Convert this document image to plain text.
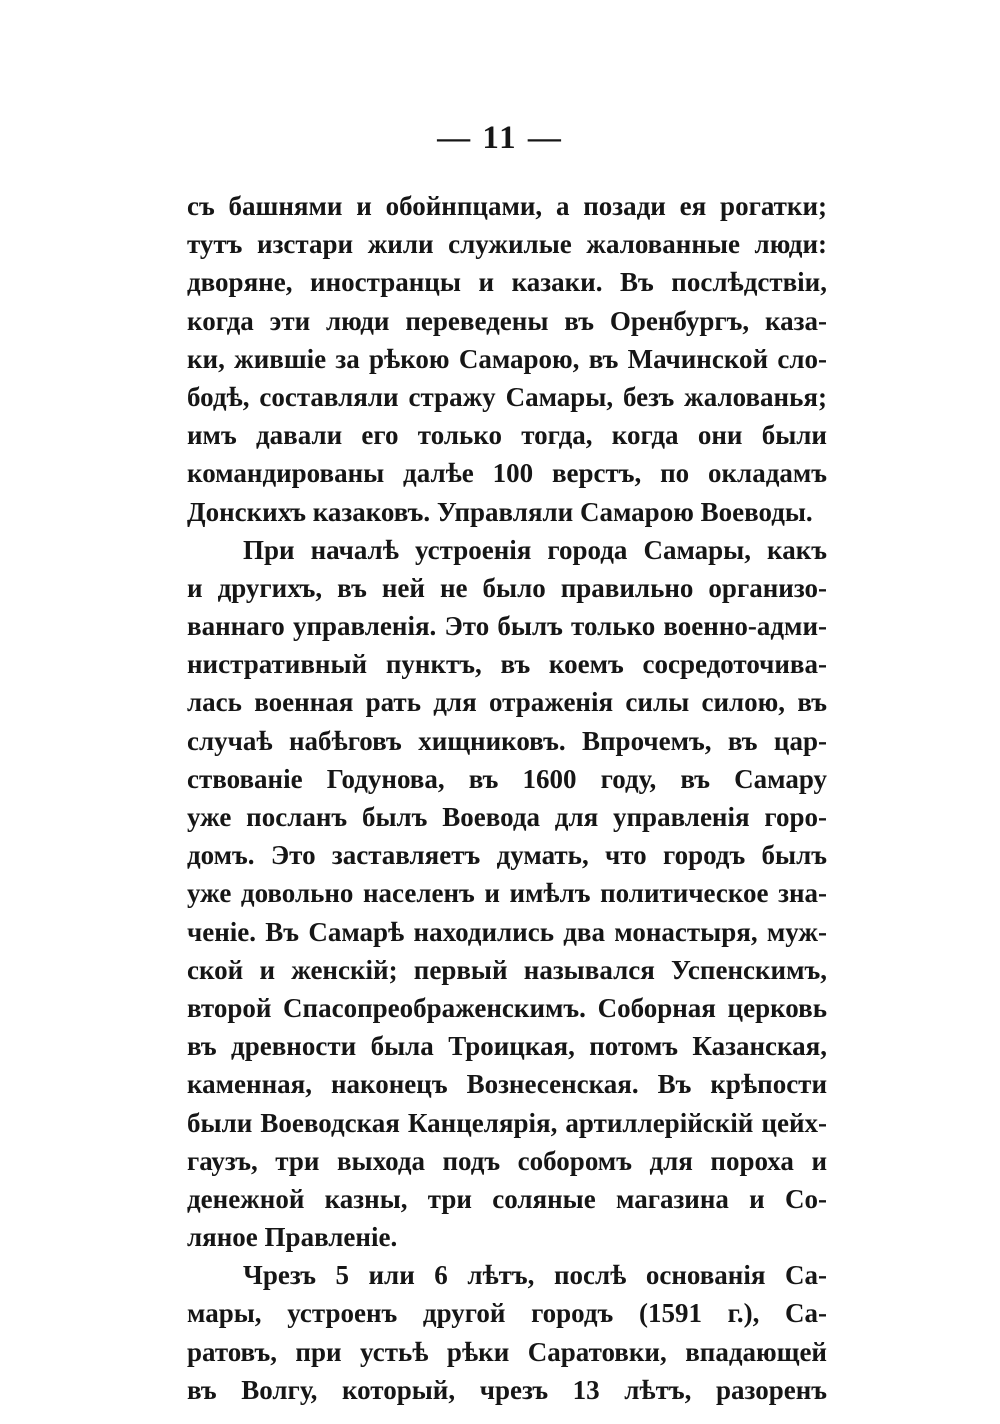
— 11 —
съ башнями и обойнпцами, а позади ея рогатки;
тутъ изстари жили служилые жалованные люди:
дворяне, иностранцы и казаки. Въ послѣдствіи,
когда эти люди переведены въ Оренбургъ, каза-
ки, жившіе за рѣкою Самарою, въ Мачинской сло-
бодѣ, составляли стражу Самары, безъ жалованья;
имъ давали его только тогда, когда они были
командированы далѣе 100 верстъ, по окладамъ
Донскихъ казаковъ. Управляли Самарою Воеводы.
При началѣ устроенія города Самары, какъ
и другихъ, въ ней не было правильно организо-
ваннаго управленія. Это былъ только военно-адми-
нистративный пунктъ, въ коемъ сосредоточива-
лась военная рать для отраженія силы силою, въ
случаѣ набѣговъ хищниковъ. Впрочемъ, въ цар-
ствованіе Годунова, въ 1600 году, въ Самару
уже посланъ былъ Воевода для управленія горо-
домъ. Это заставляетъ думать, что городъ былъ
уже довольно населенъ и имѣлъ политическое зна-
ченіе. Въ Самарѣ находились два монастыря, муж-
ской и женскій; первый назывался Успенскимъ,
второй Спасопреображенскимъ. Соборная церковь
въ древности была Троицкая, потомъ Казанская,
каменная, наконецъ Вознесенская. Въ крѣпости
были Воеводская Канцелярія, артиллерійскій цейх-
гаузъ, три выхода подъ соборомъ для пороха и
денежной казны, три соляные магазина и Со-
ляное Правленіе.
Чрезъ 5 или 6 лѣтъ, послѣ основанія Са-
мары, устроенъ другой городъ (1591 г.), Са-
ратовъ, при устьѣ рѣки Саратовки, впадающей
въ Волгу, который, чрезъ 13 лѣтъ, разоренъ
